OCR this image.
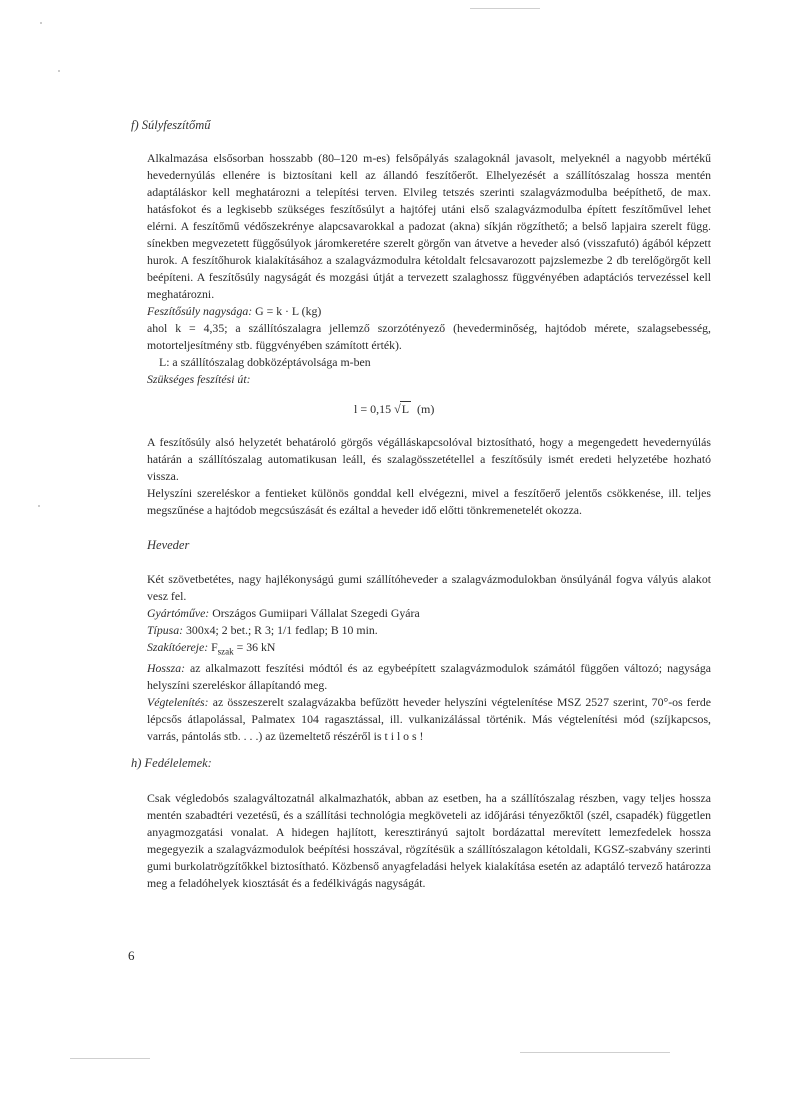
f) Súlyfeszítőmű

Alkalmazása elsősorban hosszabb (80–120 m-es) felsőpályás szalagoknál javasolt, melyeknél a nagyobb mértékű hevedernyúlás ellenére is biztosítani kell az állandó feszítőerőt. Elhelyezését a szállítószalag hossza mentén adaptáláskor kell meghatározni a telepítési terven. Elvileg tetszés szerinti szalagvázmodulba beépíthető, de max. hatásfokot és a legkisebb szükséges feszítősúlyt a hajtófej utáni első szalagvázmodulba épített feszítőművel lehet elérni. A feszítőmű védőszekrénye alapcsavarokkal a padozat (akna) síkján rögzíthető; a belső lapjaira szerelt függ. sínekben megvezetett függősúlyok járomkeretére szerelt görgőn van átvetve a heveder alsó (visszafutó) ágából képzett hurok. A feszítőhurok kialakításához a szalagvázmodulra kétoldalt felcsavarozott pajzslemezbe 2 db terelőgörgőt kell beépíteni. A feszítősúly nagyságát és mozgási útját a tervezett szalaghossz függvényében adaptációs tervezéssel kell meghatározni.

Feszítősúly nagysága: G = k · L (kg)

ahol k = 4,35; a szállítószalagra jellemző szorzótényező (hevederminőség, hajtódob mérete, szalagsebesség, motorteljesítmény stb. függvényében számított érték).

L: a szállítószalag dobközéptávolsága m-ben

Szükséges feszítési út:

l = 0,15 √L (m)

A feszítősúly alsó helyzetét behatároló görgős végálláskapcsolóval biztosítható, hogy a megengedett hevedernyúlás határán a szállítószalag automatikusan leáll, és szalagösszetétellel a feszítősúly ismét eredeti helyzetébe hozható vissza.

Helyszíni szereléskor a fentieket különös gonddal kell elvégezni, mivel a feszítőerő jelentős csökkenése, ill. teljes megszűnése a hajtódob megcsúszását és ezáltal a heveder idő előtti tönkremenetelét okozza.

Heveder

Két szövetbetétes, nagy hajlékonyságú gumi szállítóheveder a szalagvázmodulokban önsúlyánál fogva vályús alakot vesz fel.

Gyártóműve: Országos Gumiipari Vállalat Szegedi Gyára

Típusa: 300x4; 2 bet.; R 3; 1/1 fedlap; B 10 min.

Szakítóereje: $F_{szak} = 36$ kN

Hossza: az alkalmazott feszítési módtól és az egybeépített szalagvázmodulok számától függően változó; nagysága helyszíni szereléskor állapítandó meg.

Végtelenítés: az összeszerelt szalagvázakba befűzött heveder helyszíni végtelenítése MSZ 2527 szerint, 70°-os ferde lépcsős átlapolással, Palmatex 104 ragasztással, ill. vulkanizálással történik. Más végtelenítési mód (szíjkapcsos, varrás, pántolás stb. . . .) az üzemeltető részéről is t i l o s !

h) Fedélelemek:

Csak végledobós szalagváltozatnál alkalmazhatók, abban az esetben, ha a szállítószalag részben, vagy teljes hossza mentén szabadtéri vezetésű, és a szállítási technológia megköveteli az időjárási tényezőktől (szél, csapadék) független anyagmozgatási vonalat. A hidegen hajlított, keresztirányú sajtolt bordázattal merevített lemezfedelek hossza megegyezik a szalagvázmodulok beépítési hosszával, rögzítésük a szállítószalagon kétoldali, KGSZ-szabvány szerinti gumi burkolatrögzítőkkel biztosítható. Közbenső anyagfeladási helyek kialakítása esetén az adaptáló tervező határozza meg a feladóhelyek kiosztását és a fedélkivágás nagyságát.

6
